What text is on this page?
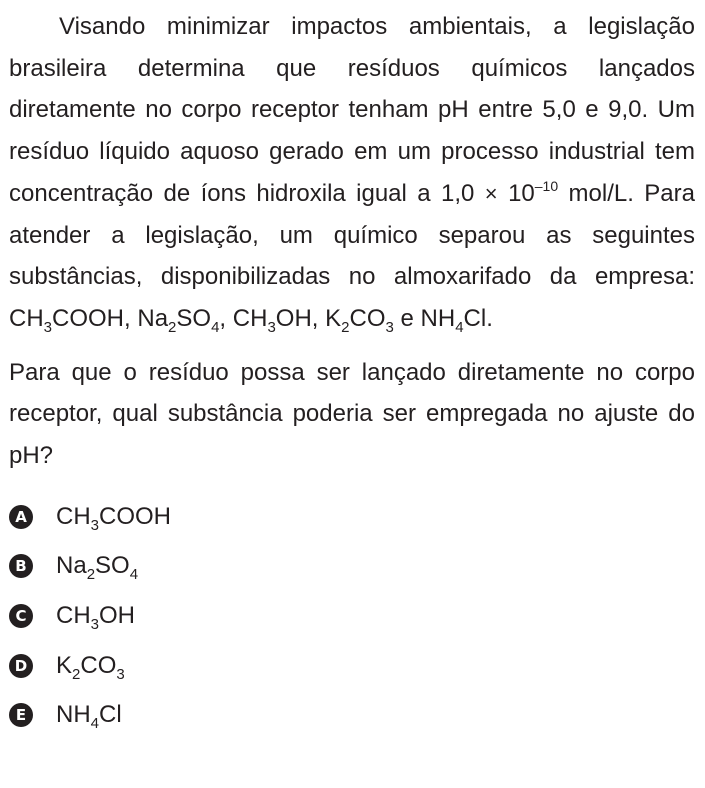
Visando minimizar impactos ambientais, a legislação brasileira determina que resíduos químicos lançados diretamente no corpo receptor tenham pH entre 5,0 e 9,0. Um resíduo líquido aquoso gerado em um processo industrial tem concentração de íons hidroxila igual a $1,0 \times 10^{-10}$ mol/L. Para atender a legislação, um químico separou as seguintes substâncias, disponibilizadas no almoxarifado da empresa: $CH_3COOH$, $Na_2SO_4$, $CH_3OH$, $K_2CO_3$ e $NH_4Cl$.

Para que o resíduo possa ser lançado diretamente no corpo receptor, qual substância poderia ser empregada no ajuste do pH?

A $CH_3COOH$
B $Na_2SO_4$
C $CH_3OH$
D $K_2CO_3$
E $NH_4Cl$
